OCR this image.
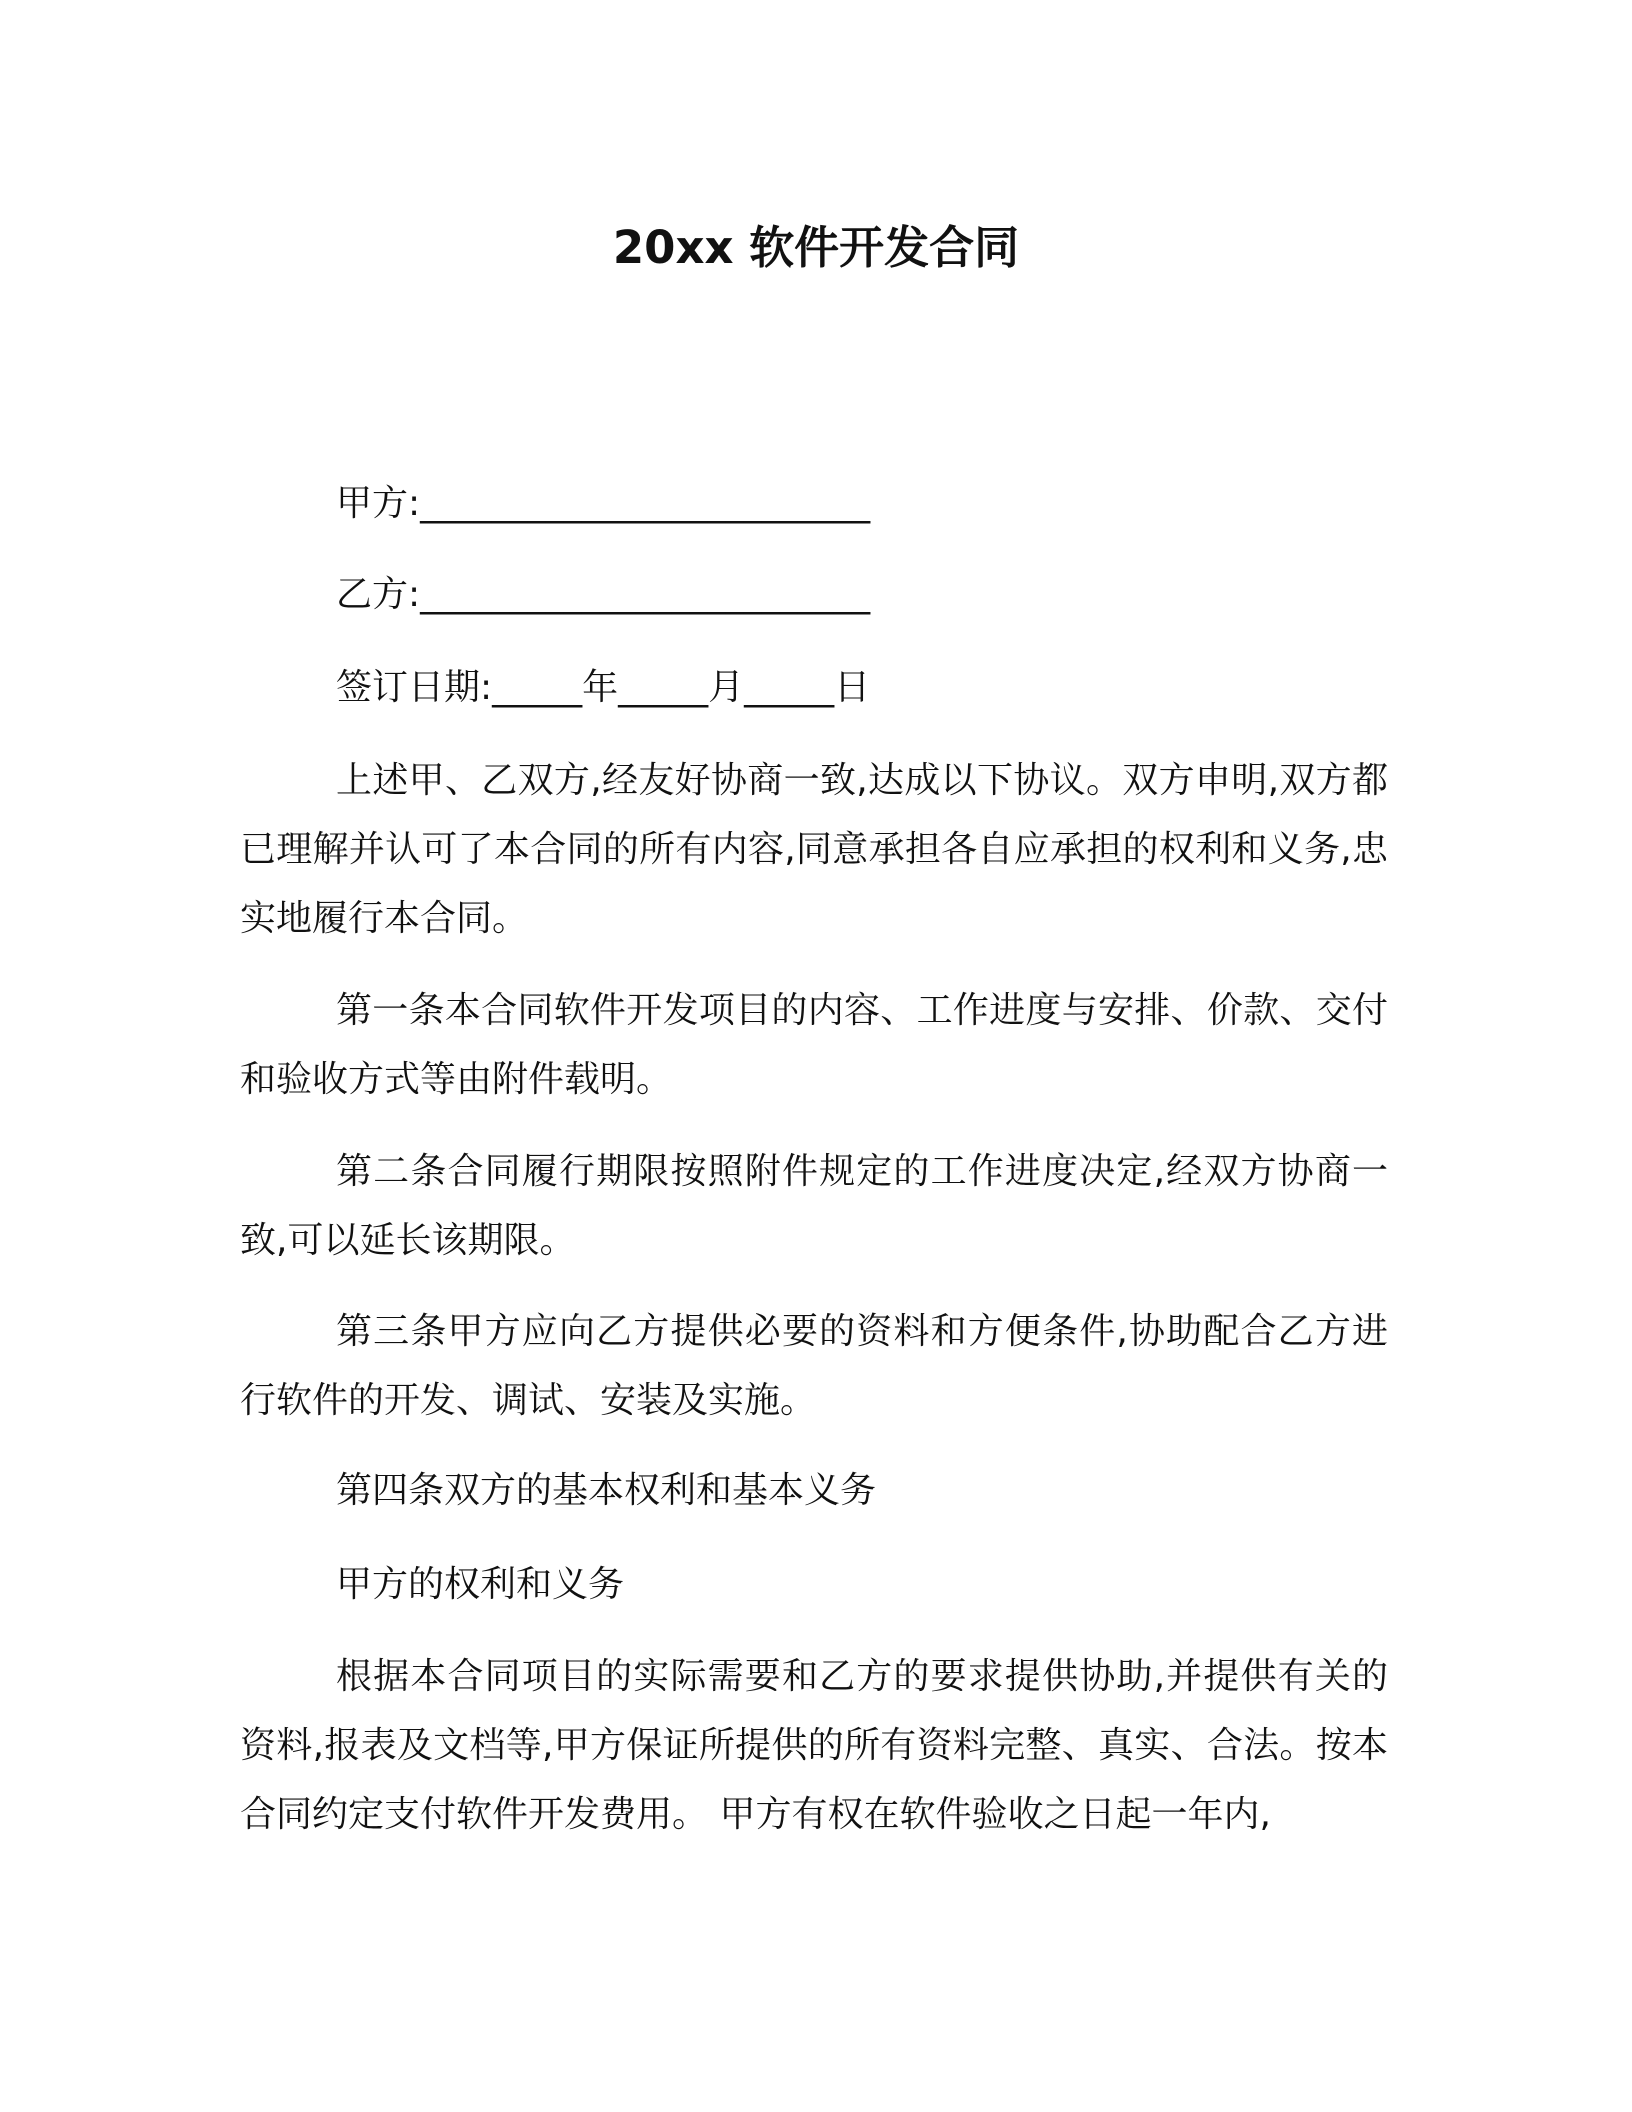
20xx 软件开发合同
甲方:_________________________
乙方:_________________________
签订日期:_____年_____月_____日
上述甲、乙双方,经友好协商一致,达成以下协议。双方申明,双方都已理解并认可了本合同的所有内容,同意承担各自应承担的权利和义务,忠实地履行本合同。
第一条本合同软件开发项目的内容、工作进度与安排、价款、交付和验收方式等由附件载明。
第二条合同履行期限按照附件规定的工作进度决定,经双方协商一致,可以延长该期限。
第三条甲方应向乙方提供必要的资料和方便条件,协助配合乙方进行软件的开发、调试、安装及实施。
第四条双方的基本权利和基本义务
甲方的权利和义务
根据本合同项目的实际需要和乙方的要求提供协助,并提供有关的资料,报表及文档等,甲方保证所提供的所有资料完整、真实、合法。按本合同约定支付软件开发费用。 甲方有权在软件验收之日起一年内,
